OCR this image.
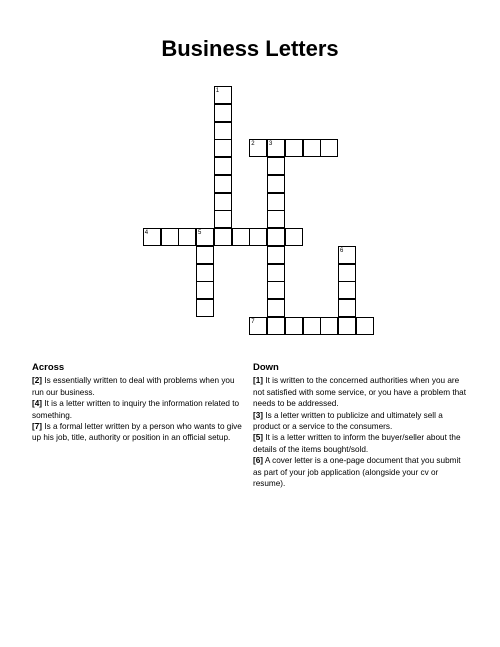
Business Letters
1
2 3
4	5
6
7
Across

[2] Is essentially written to deal with problems when you run our business.

[4] It is a letter written to inquiry the information related to something.

[7] Is a formal letter written by a person who wants to give up his job, title, authority or position in an official setup.

Down

[1] It is written to the concerned authorities when you are not satisfied with some service, or you have a problem that needs to be addressed.

[3] Is a letter written to publicize and ultimately sell a product or a service to the consumers.

[5] It is a letter written to inform the buyer/seller about the details of the items bought/sold.

[6] A cover letter is a one-page document that you submit as part of your job application (alongside your cv or resume).
